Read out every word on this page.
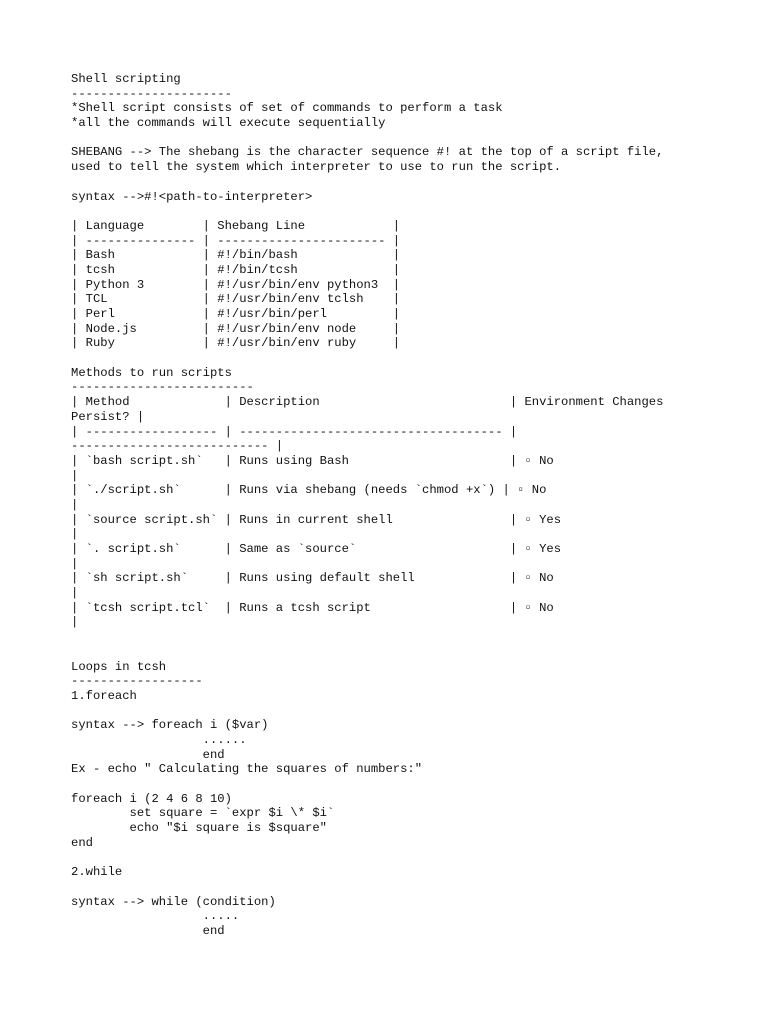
Shell scripting
----------------------
*Shell script consists of set of commands to perform a task
*all the commands will execute sequentially
SHEBANG --> The shebang is the character sequence #! at the top of a script file,
used to tell the system which interpreter to use to run the script.
syntax -->#!<path-to-interpreter>
| Language        | Shebang Line            |
| --------------- | ----------------------- |
| Bash            | #!/bin/bash             |
| tcsh            | #!/bin/tcsh             |
| Python 3        | #!/usr/bin/env python3  |
| TCL             | #!/usr/bin/env tclsh    |
| Perl            | #!/usr/bin/perl         |
| Node.js         | #!/usr/bin/env node     |
| Ruby            | #!/usr/bin/env ruby     |
Methods to run scripts
-------------------------
| Method             | Description                          | Environment Changes
Persist? |
| ------------------ | ------------------------------------ |
--------------------------- |
| `bash script.sh`   | Runs using Bash                      | ▫ No
|
| `./script.sh`      | Runs via shebang (needs `chmod +x`) | ▫ No
|
| `source script.sh` | Runs in current shell                | ▫ Yes
|
| `. script.sh`      | Same as `source`                     | ▫ Yes
|
| `sh script.sh`     | Runs using default shell             | ▫ No
|
| `tcsh script.tcl`  | Runs a tcsh script                   | ▫ No
|
Loops in tcsh
------------------
1.foreach
syntax --> foreach i ($var)
......
end
Ex - echo " Calculating the squares of numbers:"
foreach i (2 4 6 8 10)
set square = `expr $i \* $i`
echo "$i square is $square"
end
2.while
syntax --> while (condition)
.....
end
